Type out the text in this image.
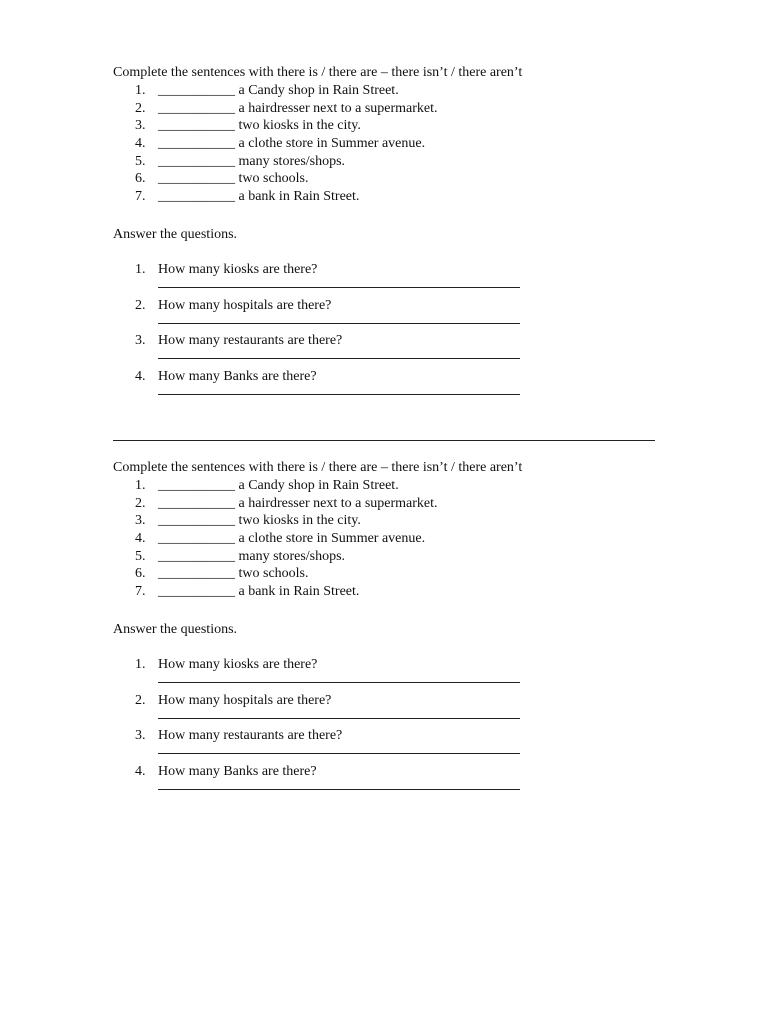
Complete the sentences with there is / there are – there isn’t / there aren’t
1. ___________ a Candy shop in Rain Street.
2. ___________ a hairdresser next to a supermarket.
3. ___________ two kiosks in the city.
4. ___________ a clothe store in Summer avenue.
5. ___________ many stores/shops.
6. ___________ two schools.
7. ___________ a bank in Rain Street.
Answer the questions.
1. How many kiosks are there?
2. How many hospitals are there?
3. How many restaurants are there?
4. How many Banks are there?
Complete the sentences with there is / there are – there isn’t / there aren’t
1. ___________ a Candy shop in Rain Street.
2. ___________ a hairdresser next to a supermarket.
3. ___________ two kiosks in the city.
4. ___________ a clothe store in Summer avenue.
5. ___________ many stores/shops.
6. ___________ two schools.
7. ___________ a bank in Rain Street.
Answer the questions.
1. How many kiosks are there?
2. How many hospitals are there?
3. How many restaurants are there?
4. How many Banks are there?
